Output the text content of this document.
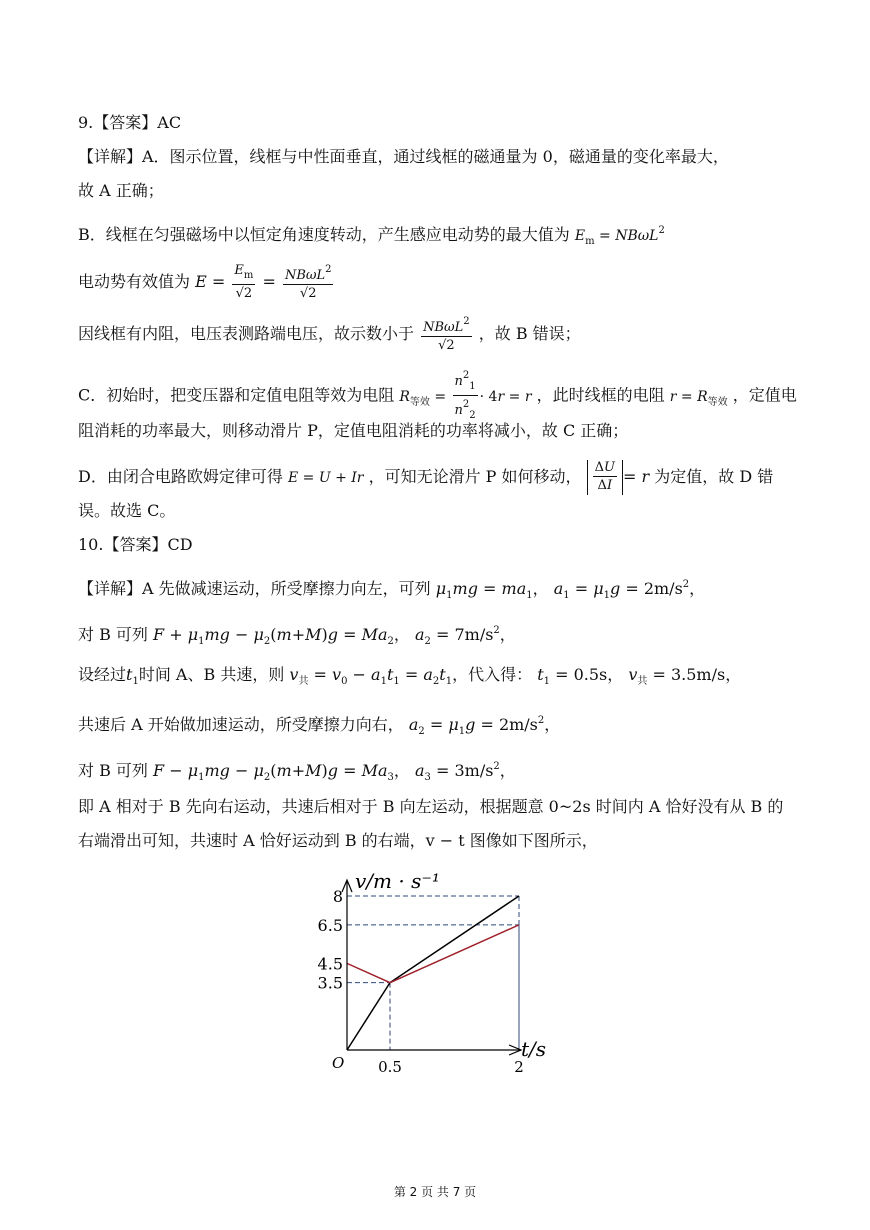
9.【答案】AC
【详解】A．图示位置，线框与中性面垂直，通过线框的磁通量为 0，磁通量的变化率最大，
故 A 正确；
B．线框在匀强磁场中以恒定角速度转动，产生感应电动势的最大值为 $E_m = NB\omega L^2$
电动势有效值为 $E = \frac{E_m}{√2} = \frac{NB\omega L^2}{√2}$
因线框有内阻，电压表测路端电压，故示数小于 $\frac{NB\omega L^2}{√2}$ ，故 B 错误；
C．初始时，把变压器和定值电阻等效为电阻 $R_{等效} = \frac{n^2_1}{n^2_2} \cdot 4r = r$ ，此时线框的电阻 $r = R_{等效}$ ，定值电
阻消耗的功率最大，则移动滑片 P，定值电阻消耗的功率将减小，故 C 正确；
D．由闭合电路欧姆定律可得 E = U + Ir ，可知无论滑片 P 如何移动， $\frac{\Delta U}{\Delta I} = r$ 为定值，故 D 错
误。故选 C。
10.【答案】CD
【详解】A 先做减速运动，所受摩擦力向左，可列 $\mu_1mg = ma_1$， $a_1 = \mu_1g = 2m/s^2$，
对 B 可列 $F + \mu_1mg - \mu_2(m+M)g = Ma_2$， $a_2 = 7m/s^2$，
设经过$t_1$时间 A、B 共速，则 $v_共 = v_0 - a_1t_1 = a_2t_1$，代入得： $t_1 = 0.5s$， $v_共 = 3.5m/s$，
共速后 A 开始做加速运动，所受摩擦力向右， $a_2 = \mu_1g = 2m/s^2$，
对 B 可列 $F - \mu_1mg - \mu_2(m+M)g = Ma_3$， $a_3 = 3m/s^2$，
即 A 相对于 B 先向右运动，共速后相对于 B 向左运动，根据题意 0~2s 时间内 A 恰好没有从 B 的
右端滑出可知，共速时 A 恰好运动到 B 的右端，v − t 图像如下图所示，
v/m · s⁻¹
t/s
O
8
6.5
4.5
3.5
0.5	2
第 2 页 共 7 页
